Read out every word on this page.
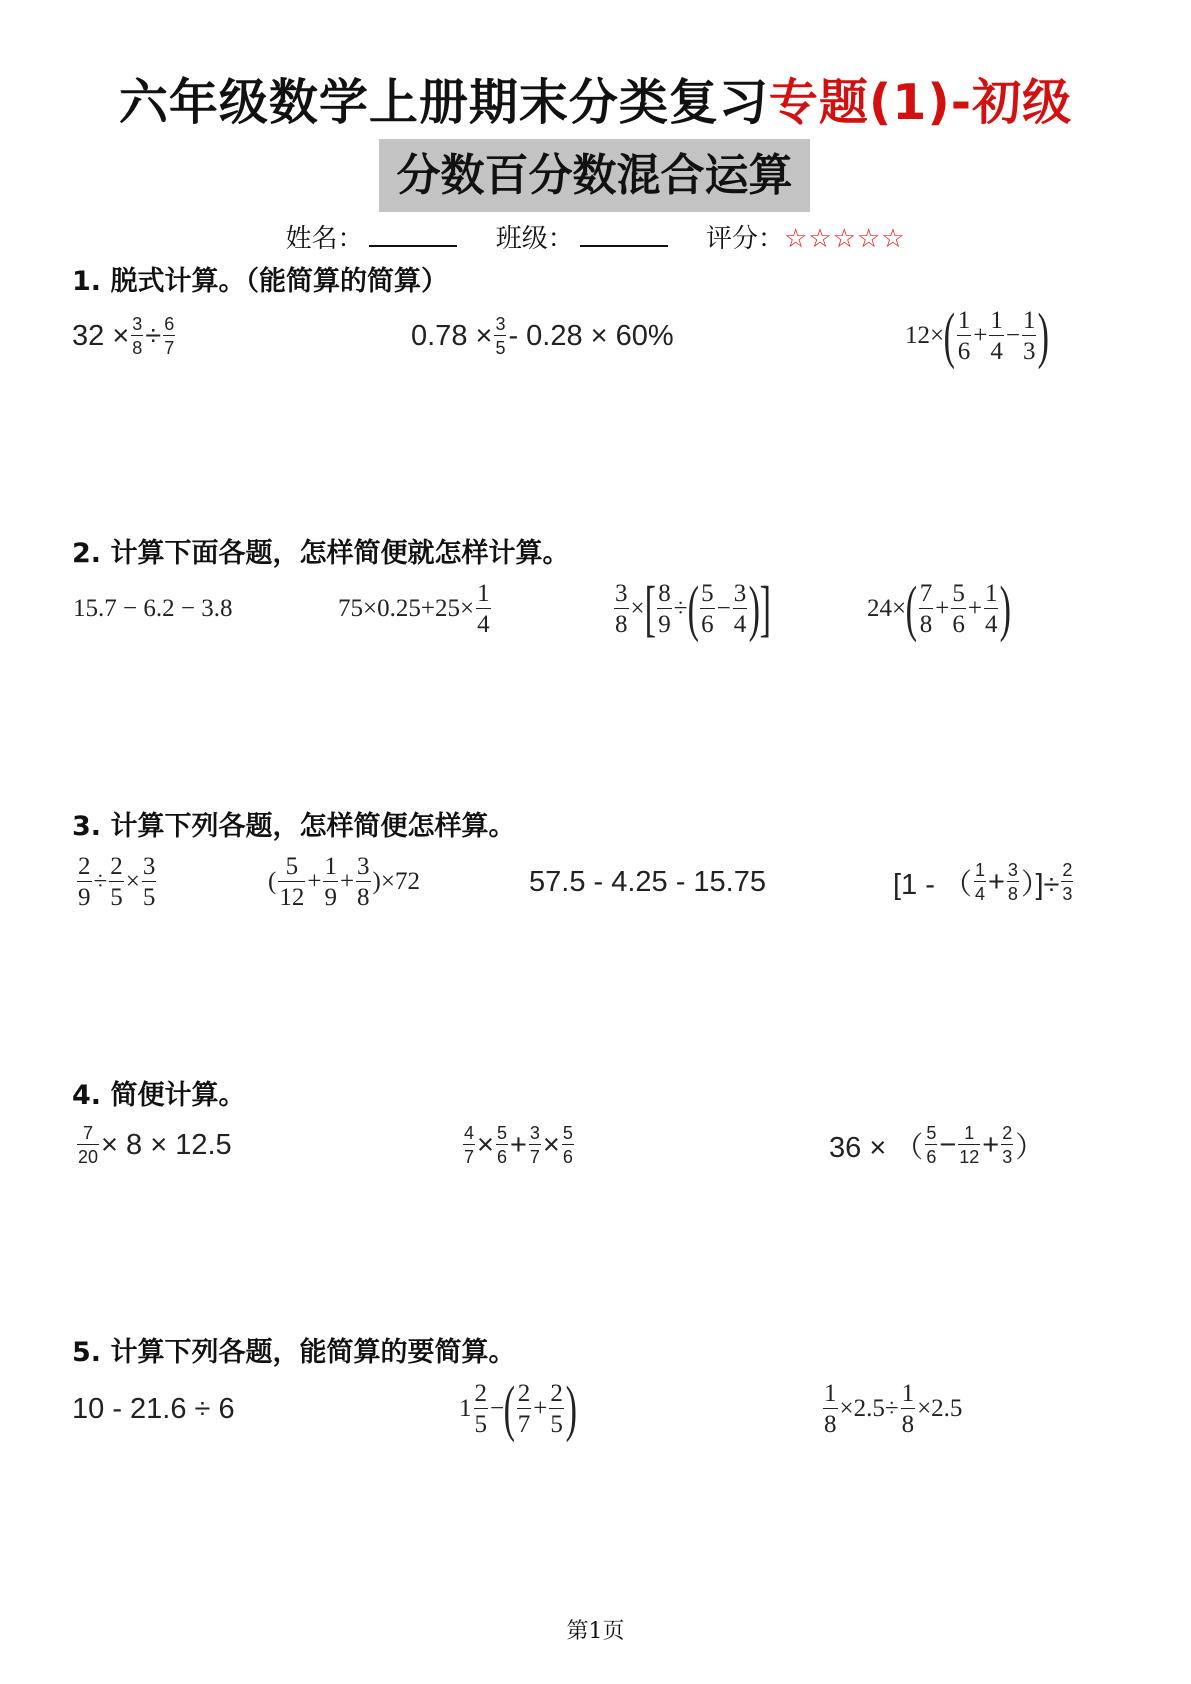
六年级数学上册期末分类复习专题(1)-初级
分数百分数混合运算
姓名：	班级：	评分：☆☆☆☆☆
1. 脱式计算。（能简算的简算）
$32 \times \frac{3}{8} \div \frac{6}{7}$	$0.78 \times \frac{3}{5} - 0.28 \times 60\%$	12× ( $\frac{1}{6} + \frac{1}{4} - \frac{1}{3}$ )
2. 计算下面各题，怎样简便就怎样计算。
15.7 − 6.2 − 3.8	$75\times 0.25+25\times \frac{1}{4}$	$\frac{3}{8}$ × [ $\frac{8}{9}$ ÷ ( $\frac{5}{6} - \frac{3}{4}$ ) ]	24× ( $\frac{7}{8} + \frac{5}{6} + \frac{1}{4}$ )
3. 计算下列各题，怎样简便怎样算。
$\frac{2}{9} \div \frac{2}{5} \times \frac{3}{5}$	( $\frac{5}{12} + \frac{1}{9} + \frac{3}{8} )\times 72$	57.5 - 4.25 - 15.75	[1 - （ $\frac{1}{4} + \frac{3}{8}$ ）]÷ $\frac{2}{3}$
4. 简便计算。
$\frac{7}{20} \times 8 \times 12.5$	$\frac{4}{7} \times \frac{5}{6} + \frac{3}{7} \times \frac{5}{6}$	36 × （ $\frac{5}{6} - \frac{1}{12} + \frac{2}{3}$ ）
5. 计算下列各题，能简算的要简算。
10 - 21.6 ÷ 6	$1 \frac{2}{5}$ − ( $\frac{2}{7} + \frac{2}{5}$ )	$\frac{1}{8} \times 2.5\div \frac{1}{8} \times 2.5$
第1页
